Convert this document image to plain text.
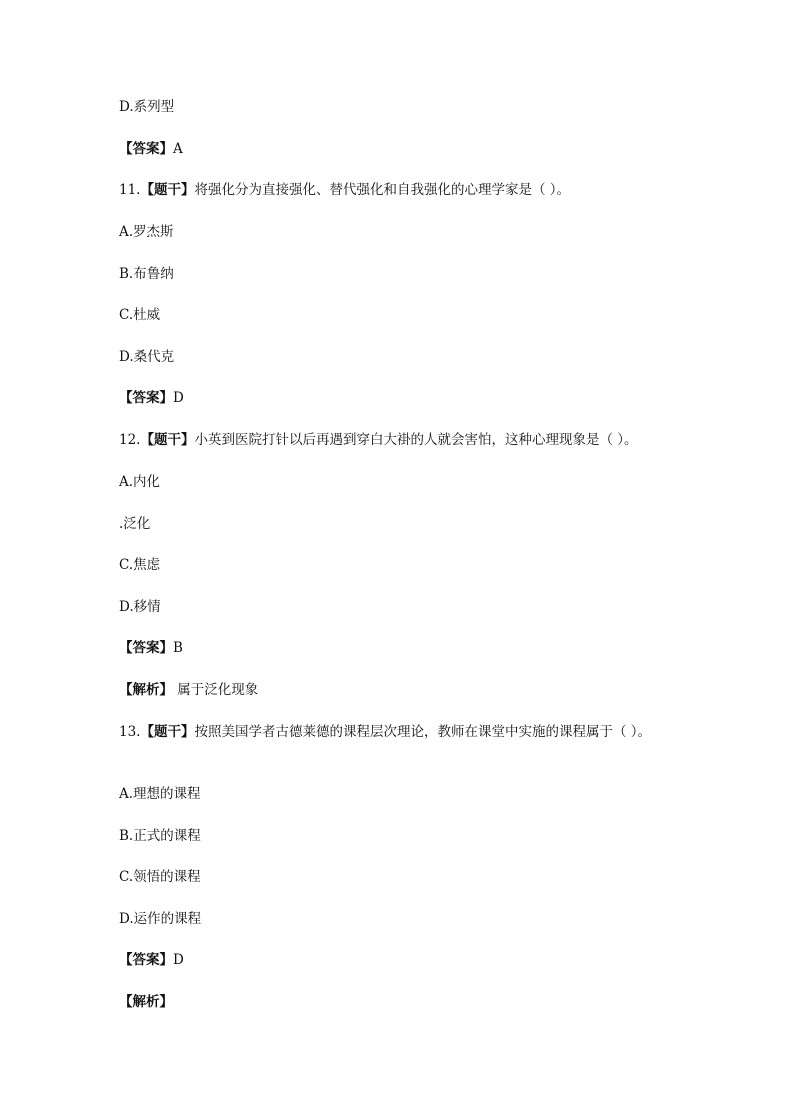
D.系列型
【答案】A
11.【题干】将强化分为直接强化、替代强化和自我强化的心理学家是（ ）。
A.罗杰斯
B.布鲁纳
C.杜威
D.桑代克
【答案】D
12.【题干】小英到医院打针以后再遇到穿白大褂的人就会害怕，这种心理现象是（ ）。
A.内化
.泛化
C.焦虑
D.移情
【答案】B
【解析】 属于泛化现象
13.【题干】按照美国学者古德莱德的课程层次理论，教师在课堂中实施的课程属于（ ）。
A.理想的课程
B.正式的课程
C.领悟的课程
D.运作的课程
【答案】D
【解析】
